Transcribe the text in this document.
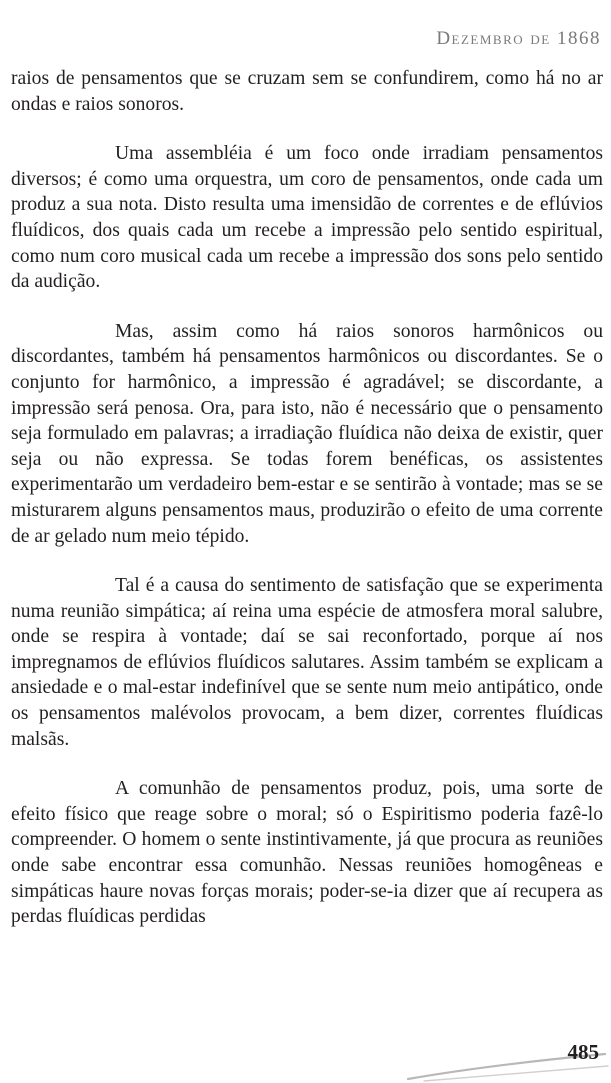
Dezembro de 1868

raios de pensamentos que se cruzam sem se confundirem, como há no ar ondas e raios sonoros.

Uma assembléia é um foco onde irradiam pensamentos diversos; é como uma orquestra, um coro de pensamentos, onde cada um produz a sua nota. Disto resulta uma imensidão de correntes e de eflúvios fluídicos, dos quais cada um recebe a impressão pelo sentido espiritual, como num coro musical cada um recebe a impressão dos sons pelo sentido da audição.

Mas, assim como há raios sonoros harmônicos ou discordantes, também há pensamentos harmônicos ou discordantes. Se o conjunto for harmônico, a impressão é agradável; se discordante, a impressão será penosa. Ora, para isto, não é necessário que o pensamento seja formulado em palavras; a irradiação fluídica não deixa de existir, quer seja ou não expressa. Se todas forem benéficas, os assistentes experimentarão um verdadeiro bem-estar e se sentirão à vontade; mas se se misturarem alguns pensamentos maus, produzirão o efeito de uma corrente de ar gelado num meio tépido.

Tal é a causa do sentimento de satisfação que se experimenta numa reunião simpática; aí reina uma espécie de atmosfera moral salubre, onde se respira à vontade; daí se sai reconfortado, porque aí nos impregnamos de eflúvios fluídicos salutares. Assim também se explicam a ansiedade e o mal-estar indefinível que se sente num meio antipático, onde os pensamentos malévolos provocam, a bem dizer, correntes fluídicas malsãs.

A comunhão de pensamentos produz, pois, uma sorte de efeito físico que reage sobre o moral; só o Espiritismo poderia fazê-lo compreender. O homem o sente instintivamente, já que procura as reuniões onde sabe encontrar essa comunhão. Nessas reuniões homogêneas e simpáticas haure novas forças morais; poder-se-ia dizer que aí recupera as perdas fluídicas perdidas

485
